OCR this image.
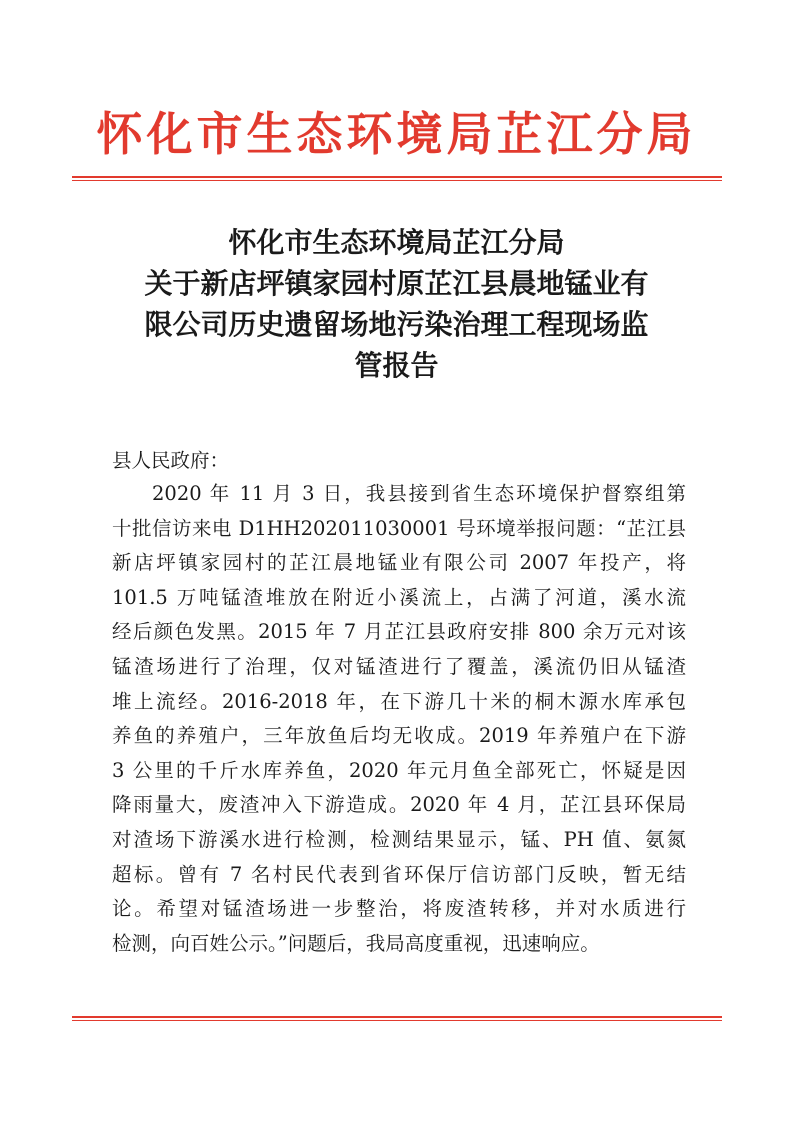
怀化市生态环境局芷江分局
怀化市生态环境局芷江分局
关于新店坪镇家园村原芷江县晨地锰业有
限公司历史遗留场地污染治理工程现场监
管报告
县人民政府：
2020 年 11 月 3 日，我县接到省生态环境保护督察组第
十批信访来电 D1HH202011030001 号环境举报问题：“芷江县
新店坪镇家园村的芷江晨地锰业有限公司 2007 年投产，将
101.5 万吨锰渣堆放在附近小溪流上，占满了河道，溪水流
经后颜色发黑。2015 年 7 月芷江县政府安排 800 余万元对该
锰渣场进行了治理，仅对锰渣进行了覆盖，溪流仍旧从锰渣
堆上流经。2016-2018 年，在下游几十米的桐木源水库承包
养鱼的养殖户，三年放鱼后均无收成。2019 年养殖户在下游
3 公里的千斤水库养鱼，2020 年元月鱼全部死亡，怀疑是因
降雨量大，废渣冲入下游造成。2020 年 4 月，芷江县环保局
对渣场下游溪水进行检测，检测结果显示，锰、PH 值、氨氮
超标。曾有 7 名村民代表到省环保厅信访部门反映，暂无结
论。希望对锰渣场进一步整治，将废渣转移，并对水质进行
检测，向百姓公示。”问题后，我局高度重视，迅速响应。
